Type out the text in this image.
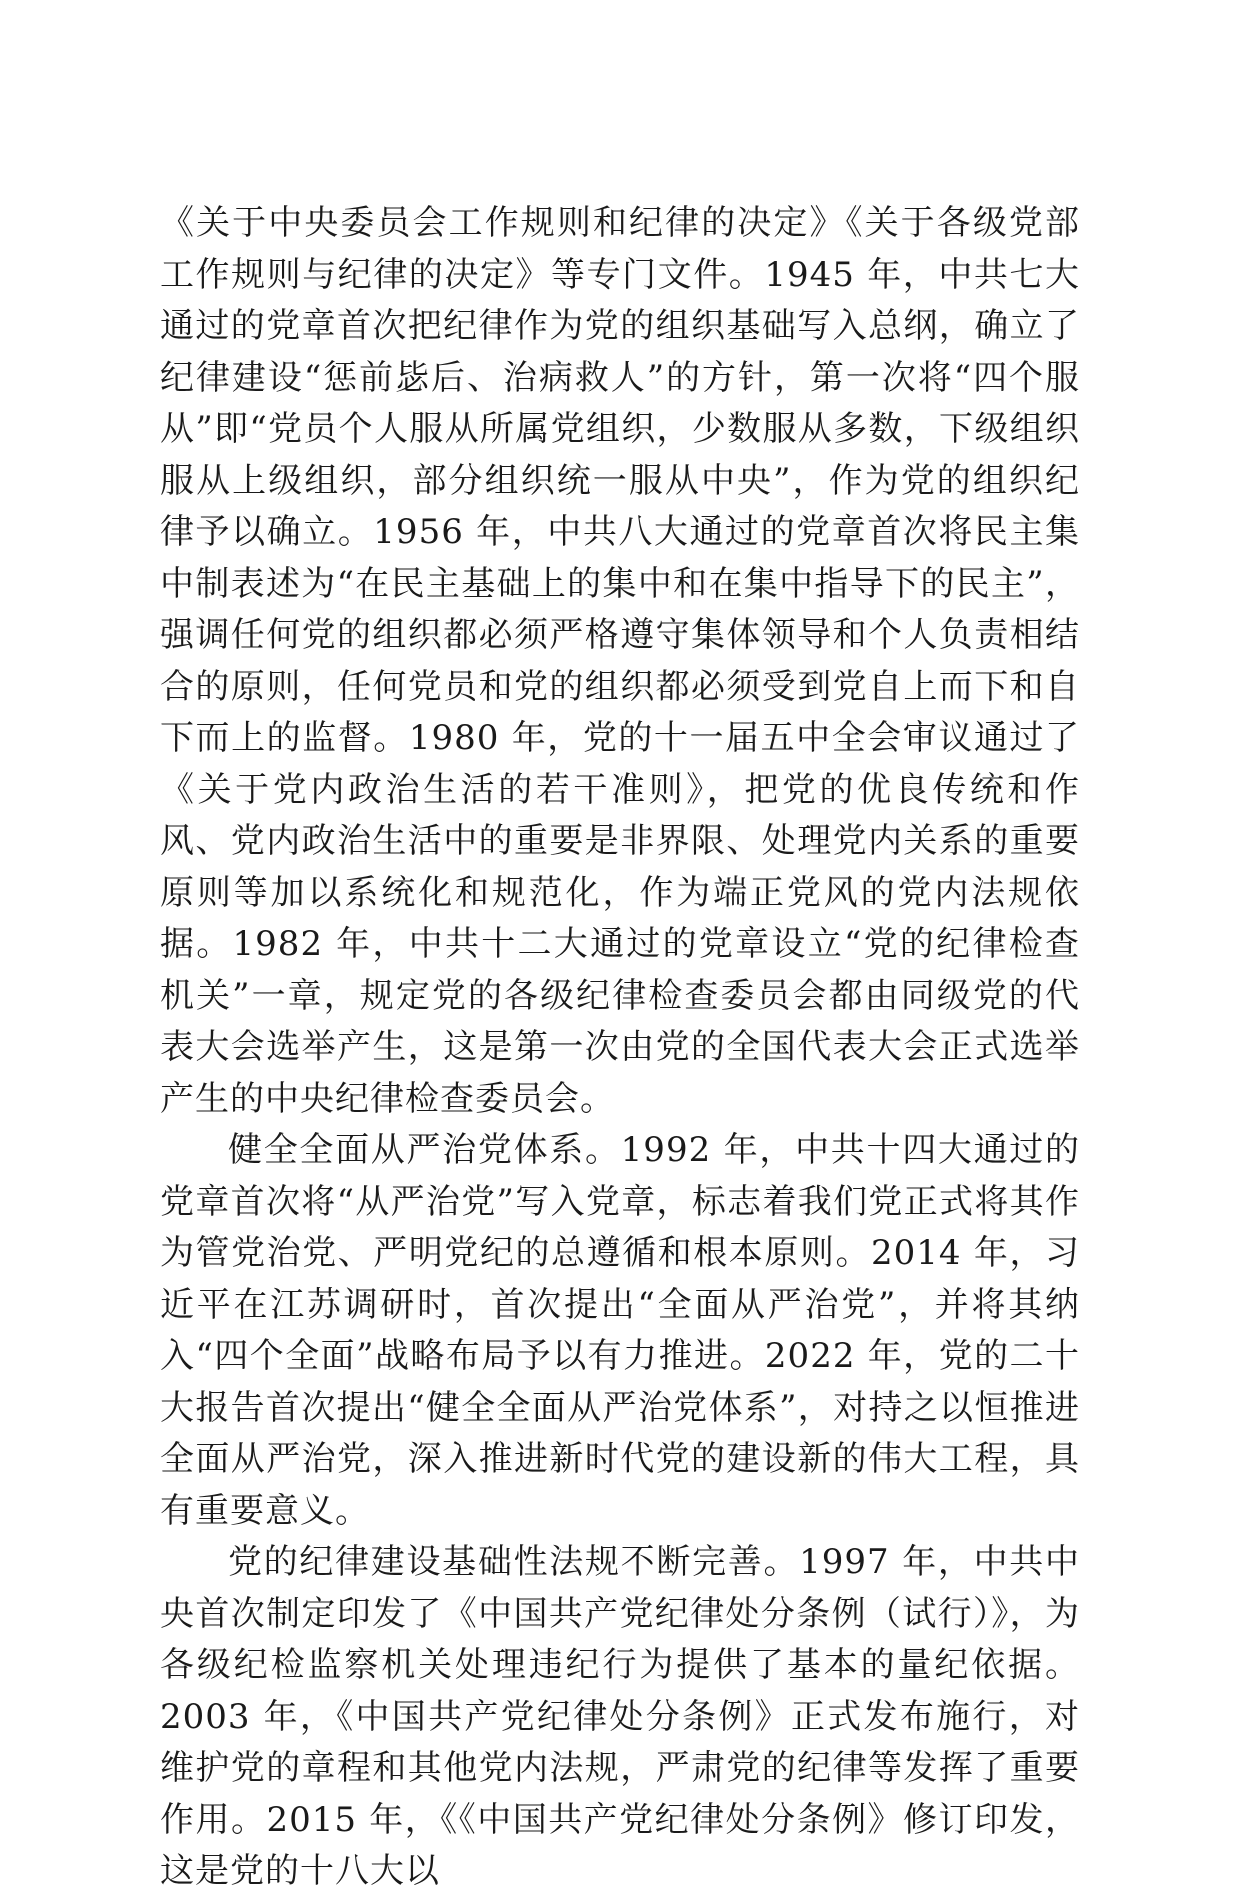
《关于中央委员会工作规则和纪律的决定》《关于各级党部工作规则与纪律的决定》等专门文件。1945 年，中共七大通过的党章首次把纪律作为党的组织基础写入总纲，确立了纪律建设“惩前毖后、治病救人”的方针，第一次将“四个服从”即“党员个人服从所属党组织，少数服从多数，下级组织服从上级组织，部分组织统一服从中央”，作为党的组织纪律予以确立。1956 年，中共八大通过的党章首次将民主集中制表述为“在民主基础上的集中和在集中指导下的民主”，强调任何党的组织都必须严格遵守集体领导和个人负责相结合的原则，任何党员和党的组织都必须受到党自上而下和自下而上的监督。1980 年，党的十一届五中全会审议通过了《关于党内政治生活的若干准则》，把党的优良传统和作风、党内政治生活中的重要是非界限、处理党内关系的重要原则等加以系统化和规范化，作为端正党风的党内法规依据。1982 年，中共十二大通过的党章设立“党的纪律检查机关”一章，规定党的各级纪律检查委员会都由同级党的代表大会选举产生，这是第一次由党的全国代表大会正式选举产生的中央纪律检查委员会。

健全全面从严治党体系。1992 年，中共十四大通过的党章首次将“从严治党”写入党章，标志着我们党正式将其作为管党治党、严明党纪的总遵循和根本原则。2014 年，习近平在江苏调研时，首次提出“全面从严治党”，并将其纳入“四个全面”战略布局予以有力推进。2022 年，党的二十大报告首次提出“健全全面从严治党体系”，对持之以恒推进全面从严治党，深入推进新时代党的建设新的伟大工程，具有重要意义。

党的纪律建设基础性法规不断完善。1997 年，中共中央首次制定印发了《中国共产党纪律处分条例（试行）》，为各级纪检监察机关处理违纪行为提供了基本的量纪依据。2003 年，《中国共产党纪律处分条例》正式发布施行，对维护党的章程和其他党内法规，严肃党的纪律等发挥了重要作用。2015 年，《《中国共产党纪律处分条例》修订印发，这是党的十八大以
